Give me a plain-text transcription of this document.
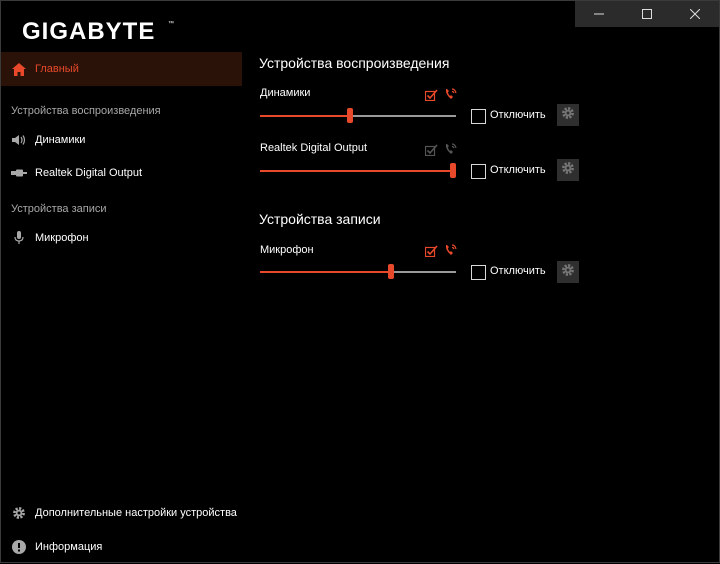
GIGABYTE ™
Главный
Устройства воспроизведения
Динамики
Realtek Digital Output
Устройства записи
Микрофон
Дополнительные настройки устройства
Информация
Устройства воспроизведения
Динамики
Отключить
Realtek Digital Output
Отключить
Устройства записи
Микрофон
Отключить
